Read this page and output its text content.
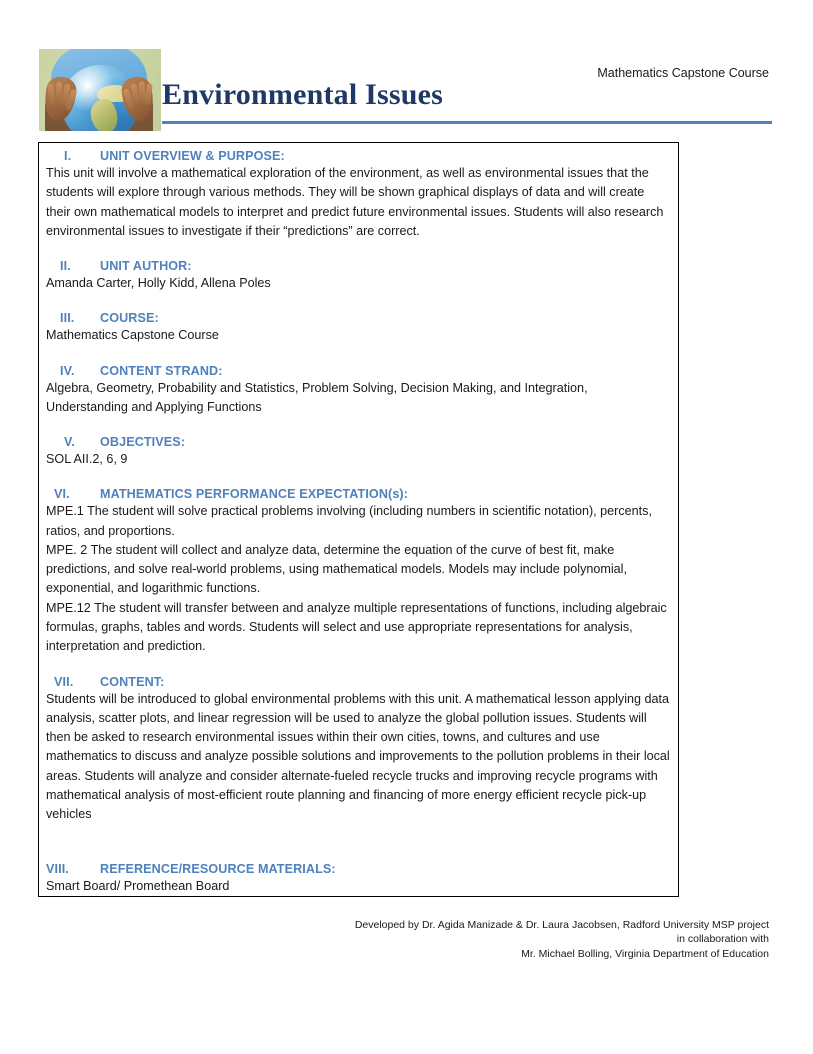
Environmental Issues
Mathematics Capstone Course
I. UNIT OVERVIEW & PURPOSE:

This unit will involve a mathematical exploration of the environment, as well as environmental issues that the students will explore through various methods. They will be shown graphical displays of data and will create their own mathematical models to interpret and predict future environmental issues. Students will also research environmental issues to investigate if their “predictions” are correct.

II. UNIT AUTHOR:

Amanda Carter, Holly Kidd, Allena Poles

III. COURSE:

Mathematics Capstone Course

IV. CONTENT STRAND:

Algebra, Geometry, Probability and Statistics, Problem Solving, Decision Making, and Integration, Understanding and Applying Functions

V. OBJECTIVES:

SOL AII.2, 6, 9

VI. MATHEMATICS PERFORMANCE EXPECTATION(s):

MPE.1 The student will solve practical problems involving (including numbers in scientific notation), percents, ratios, and proportions.

MPE. 2 The student will collect and analyze data, determine the equation of the curve of best fit, make predictions, and solve real-world problems, using mathematical models. Models may include polynomial, exponential, and logarithmic functions.

MPE.12 The student will transfer between and analyze multiple representations of functions, including algebraic formulas, graphs, tables and words. Students will select and use appropriate representations for analysis, interpretation and prediction.

VII. CONTENT:

Students will be introduced to global environmental problems with this unit. A mathematical lesson applying data analysis, scatter plots, and linear regression will be used to analyze the global pollution issues. Students will then be asked to research environmental issues within their own cities, towns, and cultures and use mathematics to discuss and analyze possible solutions and improvements to the pollution problems in their local areas. Students will analyze and consider alternate-fueled recycle trucks and improving recycle programs with mathematical analysis of most-efficient route planning and financing of more energy efficient recycle pick-up vehicles

VIII. REFERENCE/RESOURCE MATERIALS:

Smart Board/ Promethean Board

Developed by Dr. Agida Manizade & Dr. Laura Jacobsen, Radford University MSP project
in collaboration with
Mr. Michael Bolling, Virginia Department of Education
